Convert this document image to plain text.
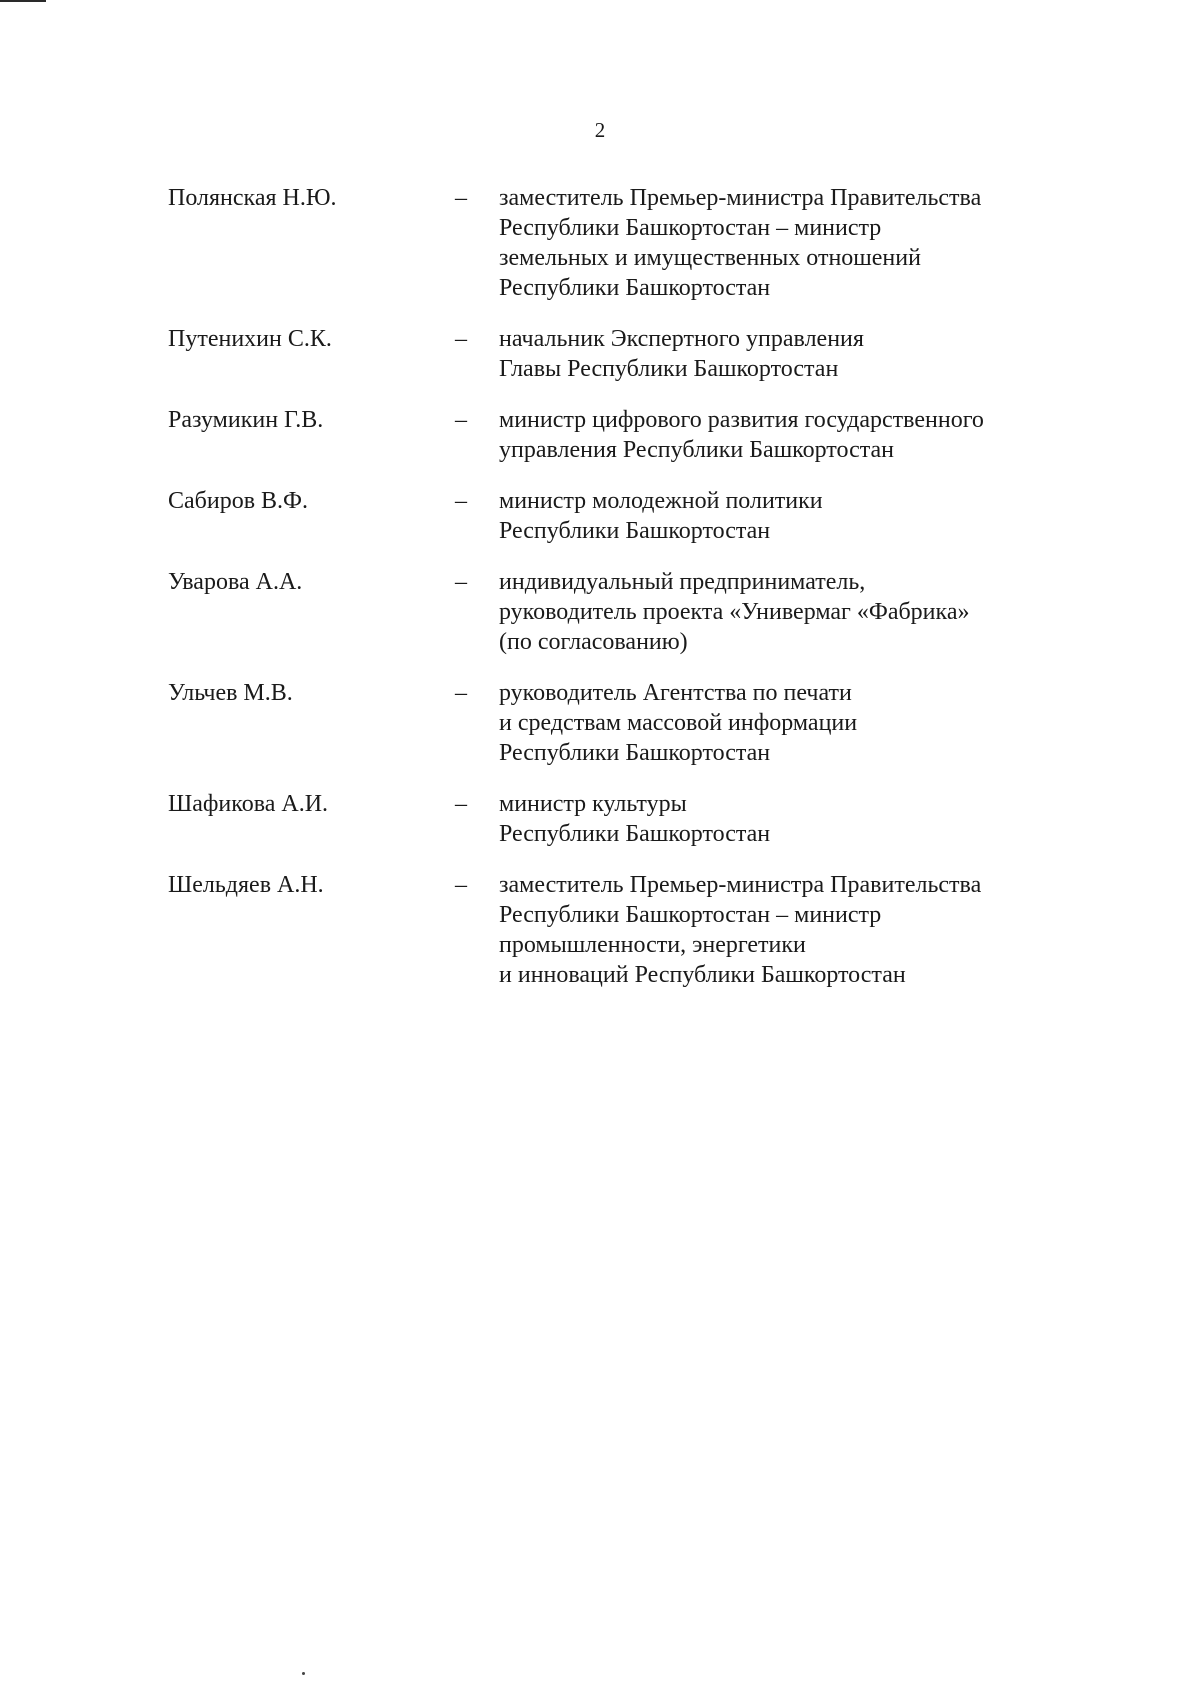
2
Полянская Н.Ю.	–	заместитель Премьер-министра Правительства
Республики Башкортостан – министр
земельных и имущественных отношений
Республики Башкортостан
Путенихин С.К.	–	начальник Экспертного управления
Главы Республики Башкортостан
Разумикин Г.В.	–	министр цифрового развития государственного
управления Республики Башкортостан
Сабиров В.Ф.	–	министр молодежной политики
Республики Башкортостан
Уварова А.А.	–	индивидуальный предприниматель,
руководитель проекта «Универмаг «Фабрика»
(по согласованию)
Ульчев М.В.	–	руководитель Агентства по печати
и средствам массовой информации
Республики Башкортостан
Шафикова А.И.	–	министр культуры
Республики Башкортостан
Шельдяев А.Н.	–	заместитель Премьер-министра Правительства
Республики Башкортостан – министр
промышленности, энергетики
и инноваций Республики Башкортостан
